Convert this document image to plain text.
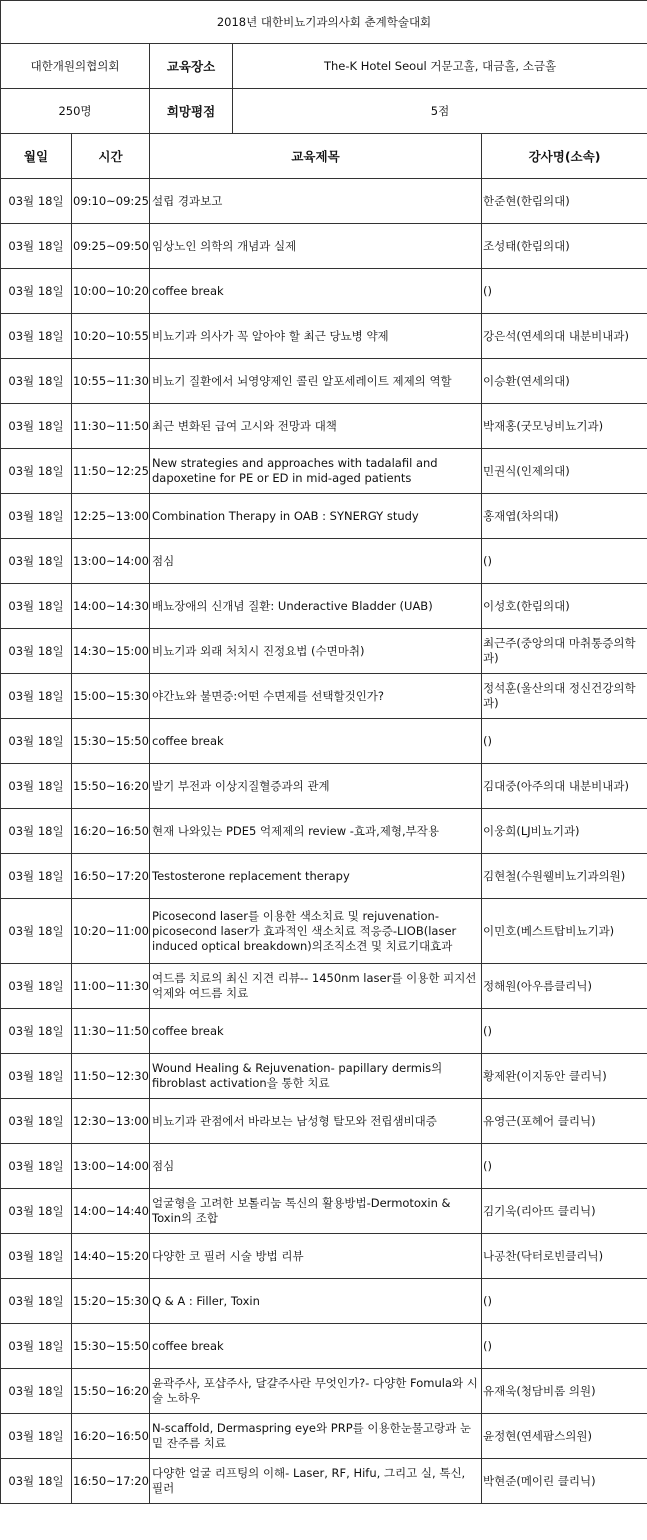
2018년 대한비뇨기과의사회 춘계학술대회				
대한개원의협의회		교육장소	The-K Hotel Seoul 거문고홀, 대금홀, 소금홀	
250명		희망평점	5점	
월일	시간	교육제목		강사명(소속)
03월 18일	09:10~09:25	설립 경과보고		한준현(한림의대)
03월 18일	09:25~09:50	임상노인 의학의 개념과 실제		조성태(한림의대)
03월 18일	10:00~10:20	coffee break		()
03월 18일	10:20~10:55	비뇨기과 의사가 꼭 알아야 할 최근 당뇨병 약제		강은석(연세의대 내분비내과)
03월 18일	10:55~11:30	비뇨기 질환에서 뇌영양제인 콜린 알포세레이트 제제의 역할		이승환(연세의대)
03월 18일	11:30~11:50	최근 변화된 급여 고시와 전망과 대책		박재홍(굿모닝비뇨기과)
03월 18일	11:50~12:25	New strategies and approaches with tadalafil and dapoxetine for PE or ED in mid-aged patients		민권식(인제의대)
03월 18일	12:25~13:00	Combination Therapy in OAB : SYNERGY study		홍재엽(차의대)
03월 18일	13:00~14:00	점심		()
03월 18일	14:00~14:30	배뇨장애의 신개념 질환: Underactive Bladder (UAB)		이성호(한림의대)
03월 18일	14:30~15:00	비뇨기과 외래 처치시 진정요법 (수면마취)		최근주(중앙의대 마취통증의학과)
03월 18일	15:00~15:30	야간뇨와 불면증:어떤 수면제를 선택할것인가?		정석훈(울산의대 정신건강의학과)
03월 18일	15:30~15:50	coffee break		()
03월 18일	15:50~16:20	발기 부전과 이상지질혈증과의 관계		김대중(아주의대 내분비내과)
03월 18일	16:20~16:50	현재 나와있는 PDE5 억제제의 review -효과,제형,부작용		이웅희(LJ비뇨기과)
03월 18일	16:50~17:20	Testosterone replacement therapy		김현철(수원웰비뇨기과의원)
03월 18일	10:20~11:00	Picosecond laser를 이용한 색소치료 및 rejuvenation-picosecond laser가 효과적인 색소치료 적응증-LIOB(laser induced optical breakdown)의조직소견 및 치료기대효과		이민호(베스트탑비뇨기과)
03월 18일	11:00~11:30	여드름 치료의 최신 지견 리뷰-- 1450nm laser를 이용한 피지선 억제와 여드름 치료		정해원(아우름클리닉)
03월 18일	11:30~11:50	coffee break		()
03월 18일	11:50~12:30	Wound Healing & Rejuvenation- papillary dermis의 fibroblast activation을 통한 치료		황제완(이지동안 클리닉)
03월 18일	12:30~13:00	비뇨기과 관점에서 바라보는 남성형 탈모와 전립샘비대증		유영근(포헤어 클리닉)
03월 18일	13:00~14:00	점심		()
03월 18일	14:00~14:40	얼굴형을 고려한 보톨리눔 톡신의 활용방법-Dermotoxin & Toxin의 조합		김기욱(리아뜨 클리닉)
03월 18일	14:40~15:20	다양한 코 필러 시술 방법 리뷰		나공찬(닥터로빈클리닉)
03월 18일	15:20~15:30	Q & A : Filler, Toxin		()
03월 18일	15:30~15:50	coffee break		()
03월 18일	15:50~16:20	윤곽주사, 포샵주사, 달걀주사란 무엇인가?- 다양한 Fomula와 시술 노하우		유재욱(청담비롬 의원)
03월 18일	16:20~16:50	N-scaffold, Dermaspring eye와 PRP를 이용한눈물고랑과 눈밑 잔주름 치료		윤정현(연세팜스의원)
03월 18일	16:50~17:20	다양한 얼굴 리프팅의 이해- Laser, RF, Hifu, 그리고 실, 톡신, 필러		박현준(메이린 클리닉)
